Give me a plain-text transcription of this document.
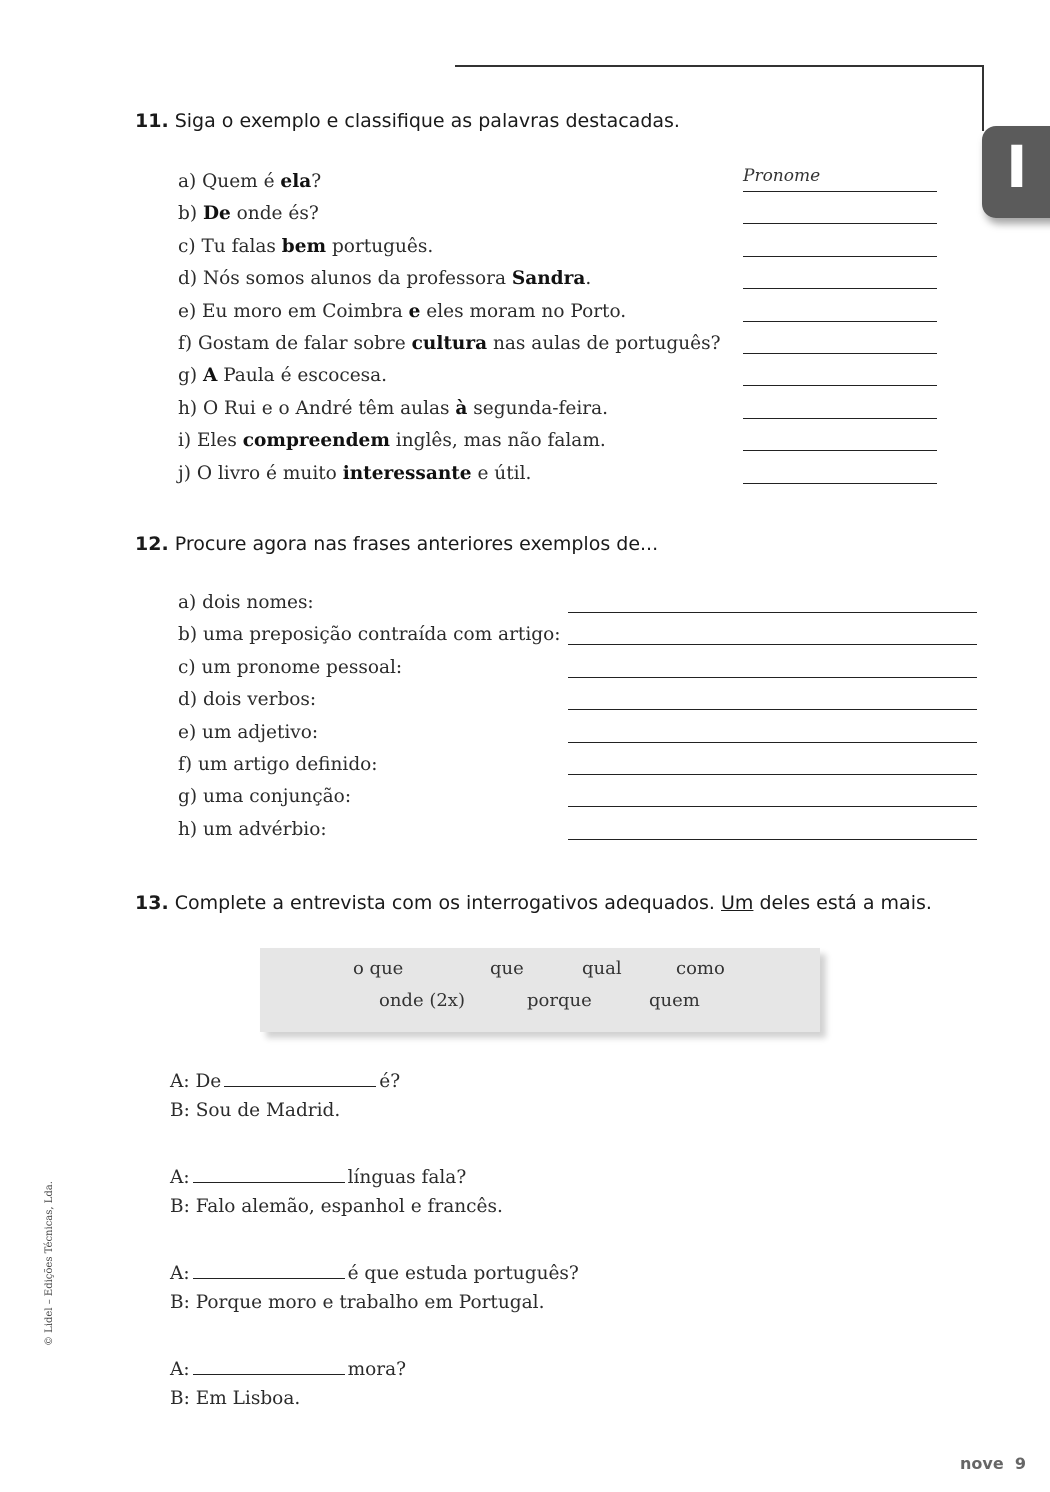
I
11. Siga o exemplo e classifique as palavras destacadas.
a) Quem é ela?	Pronome
b) De onde és?
c) Tu falas bem português.
d) Nós somos alunos da professora Sandra.
e) Eu moro em Coimbra e eles moram no Porto.
f) Gostam de falar sobre cultura nas aulas de português?
g) A Paula é escocesa.
h) O Rui e o André têm aulas à segunda-feira.
i) Eles compreendem inglês, mas não falam.
j) O livro é muito interessante e útil.
12. Procure agora nas frases anteriores exemplos de...
a) dois nomes:
b) uma preposição contraída com artigo:
c) um pronome pessoal:
d) dois verbos:
e) um adjetivo:
f) um artigo definido:
g) uma conjunção:
h) um advérbio:
13. Complete a entrevista com os interrogativos adequados. Um deles está a mais.
o que	que	qual	como
onde (2x)	porque	quem
A: De	é?
B: Sou de Madrid.
A:	línguas fala?
B: Falo alemão, espanhol e francês.
A:	é que estuda português?
B: Porque moro e trabalho em Portugal.
A:	mora?
B: Em Lisboa.
© Lidel – Edições Técnicas, Lda.
nove 9
